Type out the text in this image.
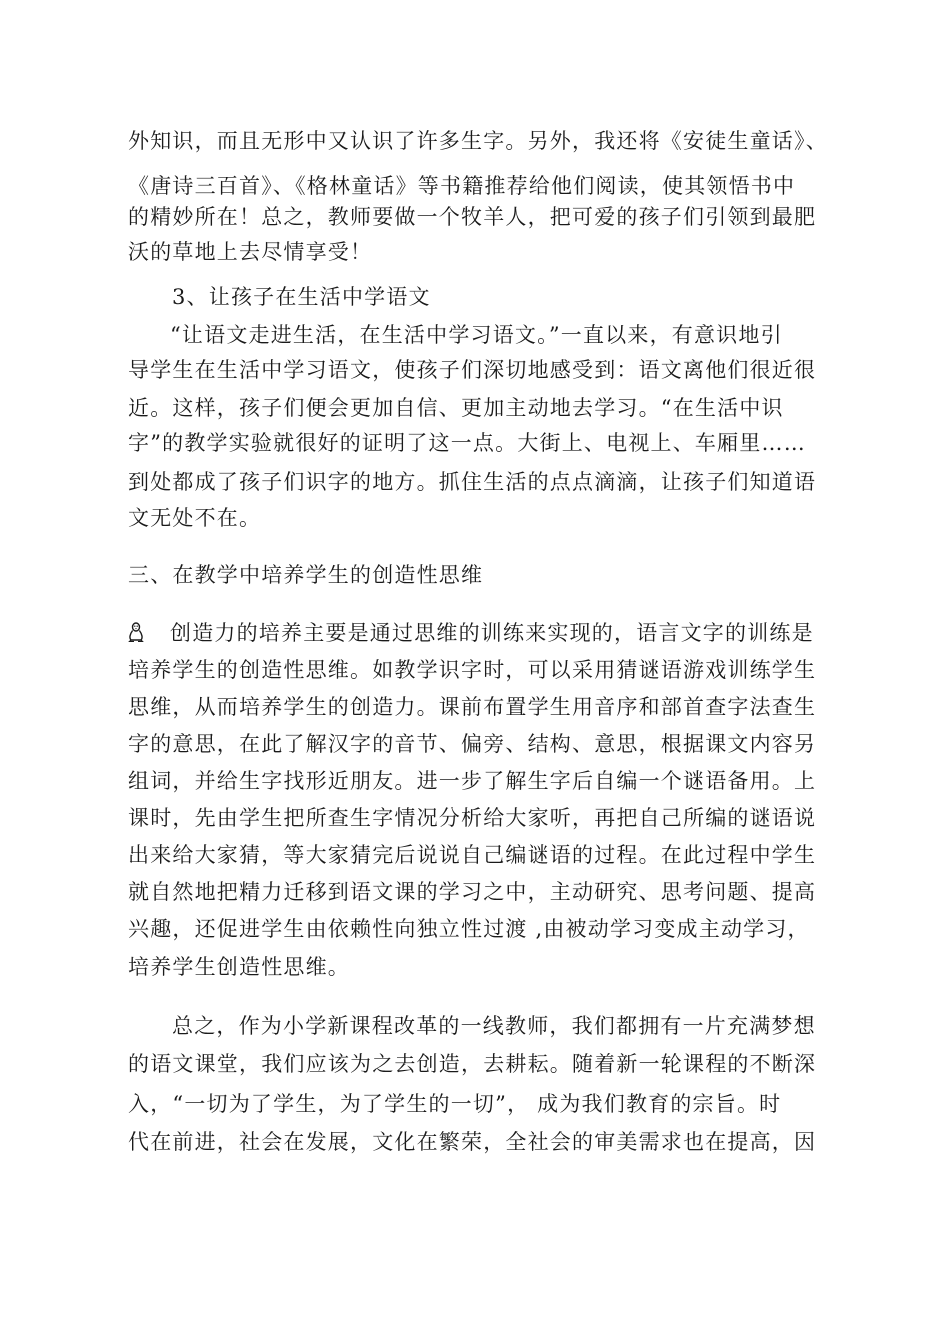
外知识，而且无形中又认识了许多生字。另外，我还将《安徒生童话》、
《唐诗三百首》、《格林童话》等书籍推荐给他们阅读，使其领悟书中
的精妙所在！总之，教师要做一个牧羊人，把可爱的孩子们引领到最肥
沃的草地上去尽情享受！
3、让孩子在生活中学语文
“让语文走进生活，在生活中学习语文。”一直以来，有意识地引
导学生在生活中学习语文，使孩子们深切地感受到：语文离他们很近很
近。这样，孩子们便会更加自信、更加主动地去学习。“在生活中识
字”的教学实验就很好的证明了这一点。大街上、电视上、车厢里……
到处都成了孩子们识字的地方。抓住生活的点点滴滴，让孩子们知道语
文无处不在。
三、在教学中培养学生的创造性思维
创造力的培养主要是通过思维的训练来实现的，语言文字的训练是
培养学生的创造性思维。如教学识字时，可以采用猜谜语游戏训练学生
思维，从而培养学生的创造力。课前布置学生用音序和部首查字法查生
字的意思，在此了解汉字的音节、偏旁、结构、意思，根据课文内容另
组词，并给生字找形近朋友。进一步了解生字后自编一个谜语备用。上
课时，先由学生把所查生字情况分析给大家听，再把自己所编的谜语说
出来给大家猜，等大家猜完后说说自己编谜语的过程。在此过程中学生
就自然地把精力迁移到语文课的学习之中，主动研究、思考问题、提高
兴趣，还促进学生由依赖性向独立性过渡 ,由被动学习变成主动学习，
培养学生创造性思维。
总之，作为小学新课程改革的一线教师，我们都拥有一片充满梦想
的语文课堂，我们应该为之去创造，去耕耘。随着新一轮课程的不断深
入，“一切为了学生，为了学生的一切”， 成为我们教育的宗旨。时
代在前进，社会在发展，文化在繁荣，全社会的审美需求也在提高，因
